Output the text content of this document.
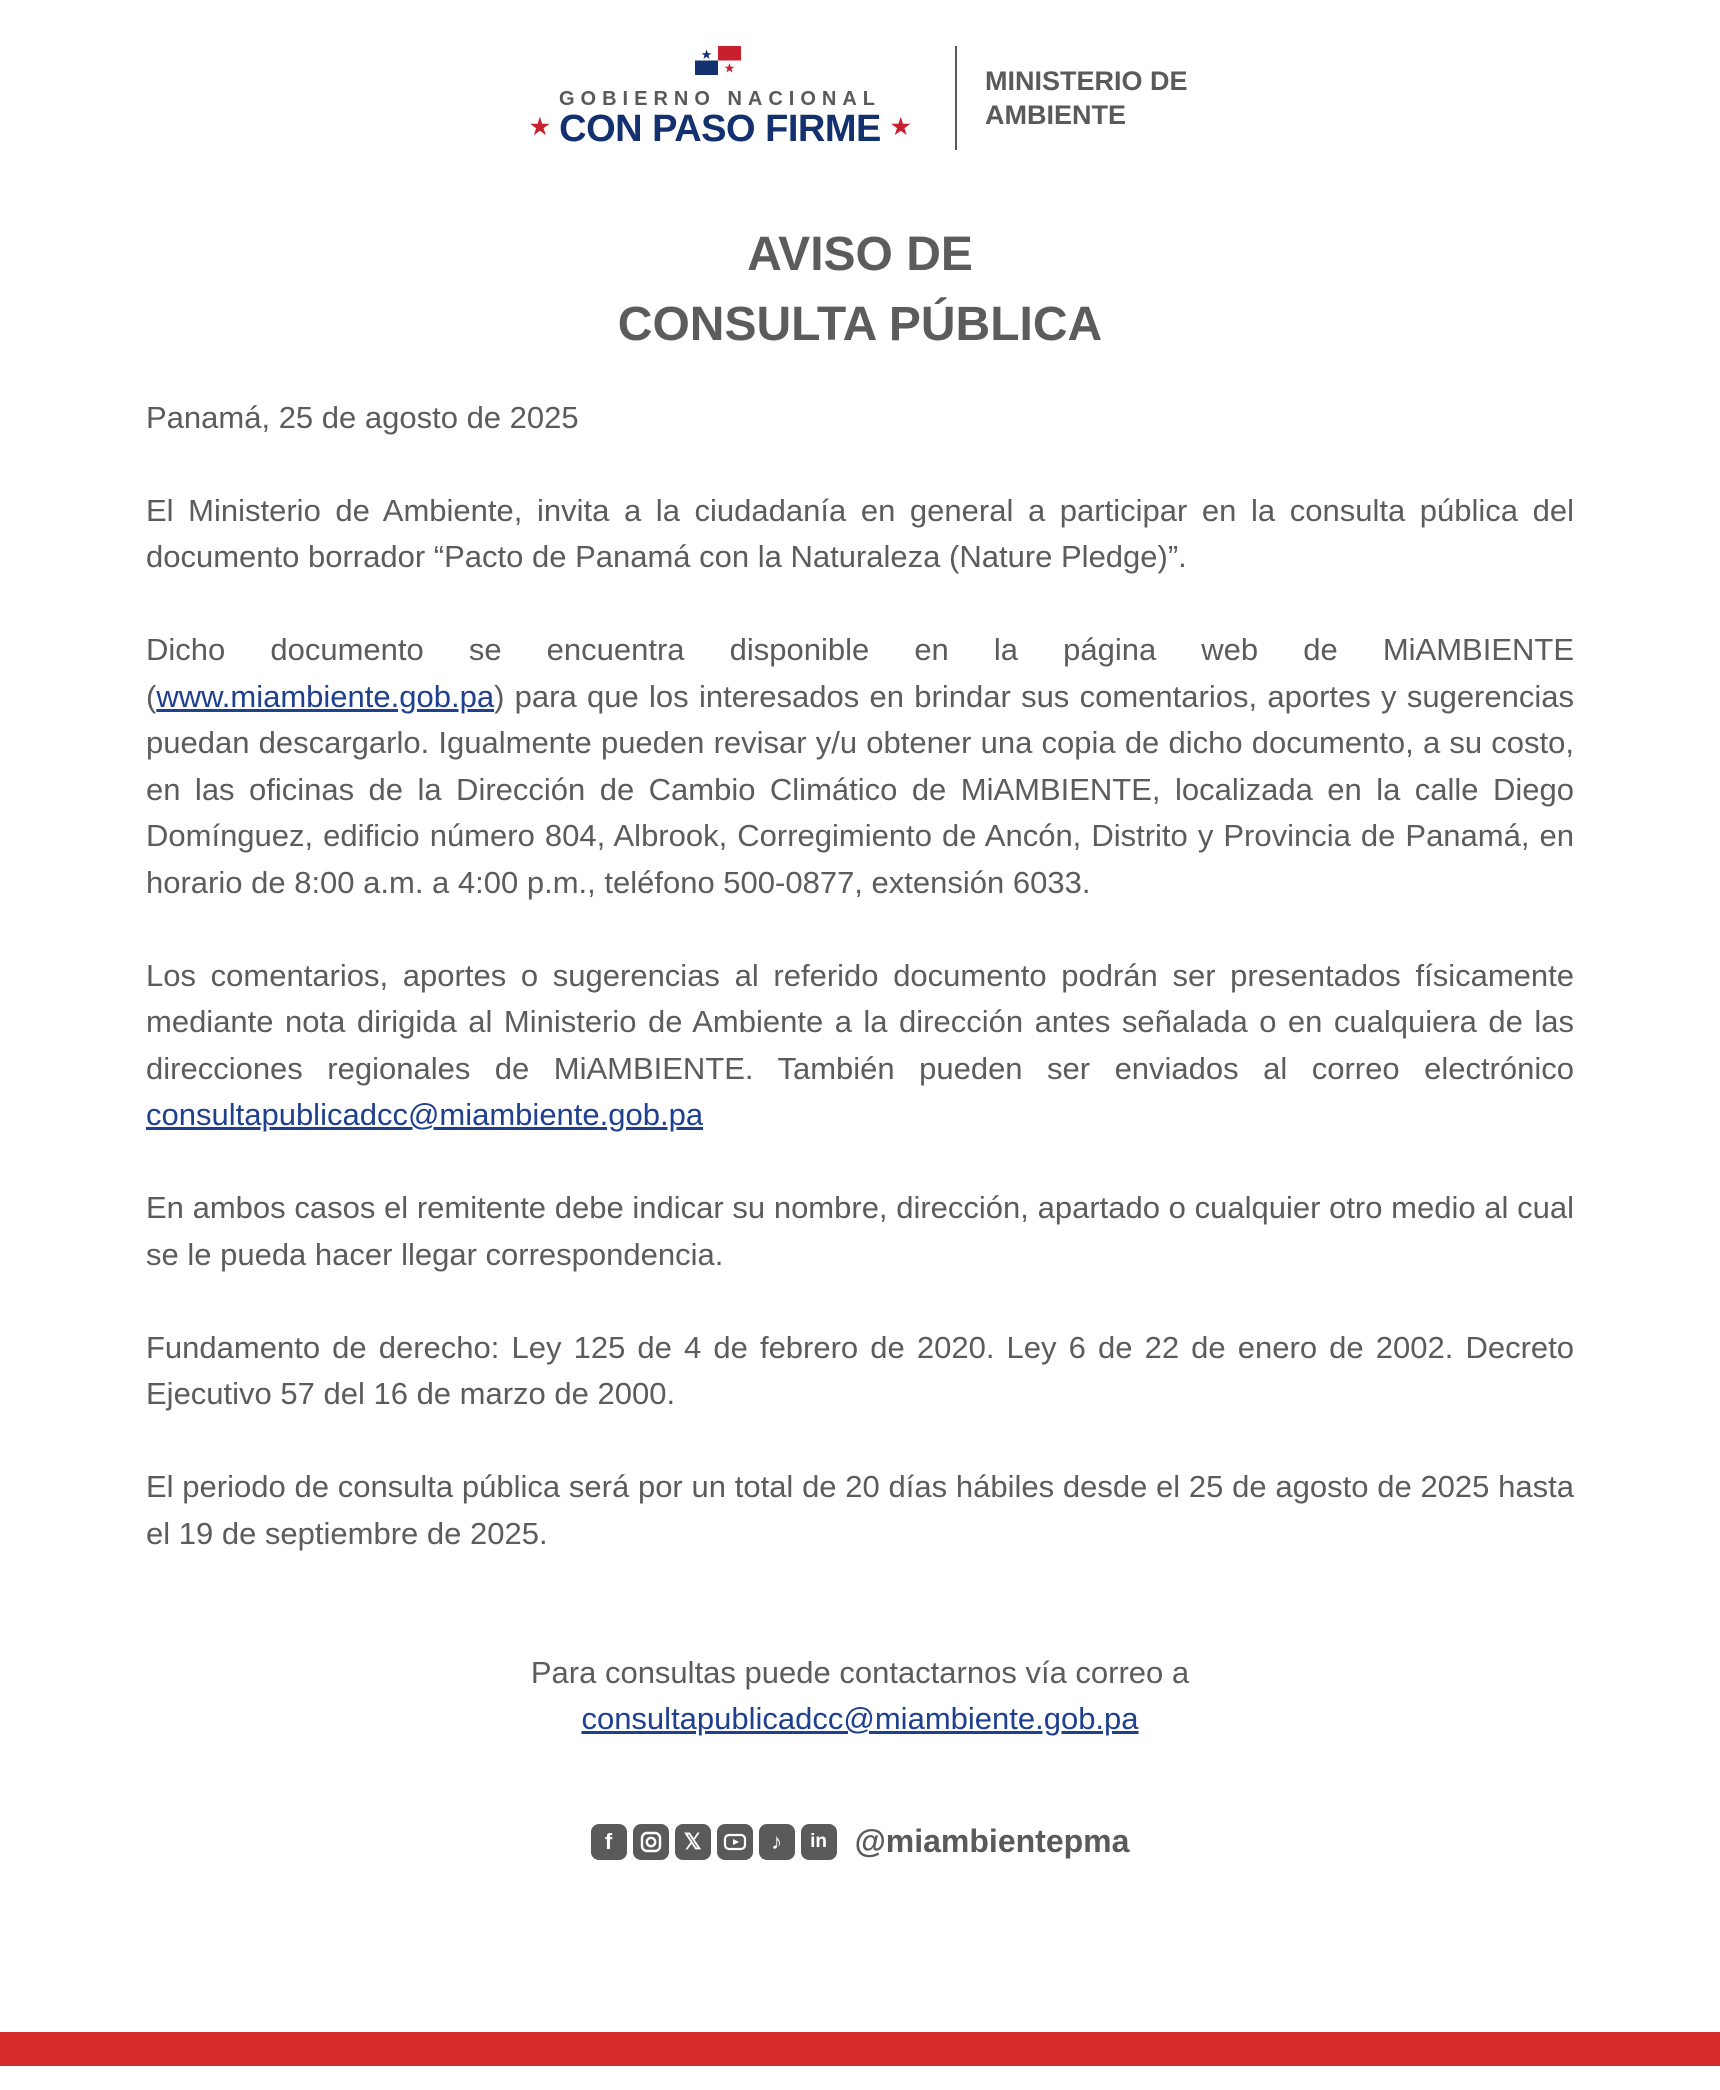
GOBIERNO NACIONAL
★ CON PASO FIRME ★
MINISTERIO DE
AMBIENTE
AVISO DE
CONSULTA PÚBLICA

Panamá, 25 de agosto de 2025

El Ministerio de Ambiente, invita a la ciudadanía en general a participar en la consulta pública del documento borrador “Pacto de Panamá con la Naturaleza (Nature Pledge)”.

Dicho documento se encuentra disponible en la página web de MiAMBIENTE (www.miambiente.gob.pa) para que los interesados en brindar sus comentarios, aportes y sugerencias puedan descargarlo. Igualmente pueden revisar y/u obtener una copia de dicho documento, a su costo, en las oficinas de la Dirección de Cambio Climático de MiAMBIENTE, localizada en la calle Diego Domínguez, edificio número 804, Albrook, Corregimiento de Ancón, Distrito y Provincia de Panamá, en horario de 8:00 a.m. a 4:00 p.m., teléfono 500-0877, extensión 6033.

Los comentarios, aportes o sugerencias al referido documento podrán ser presentados físicamente mediante nota dirigida al Ministerio de Ambiente a la dirección antes señalada o en cualquiera de las direcciones regionales de MiAMBIENTE. También pueden ser enviados al correo electrónico consultapublicadcc@miambiente.gob.pa

En ambos casos el remitente debe indicar su nombre, dirección, apartado o cualquier otro medio al cual se le pueda hacer llegar correspondencia.

Fundamento de derecho: Ley 125 de 4 de febrero de 2020. Ley 6 de 22 de enero de 2002. Decreto Ejecutivo 57 del 16 de marzo de 2000.

El periodo de consulta pública será por un total de 20 días hábiles desde el 25 de agosto de 2025 hasta el 19 de septiembre de 2025.

Para consultas puede contactarnos vía correo a
consultapublicadcc@miambiente.gob.pa
f	𝕏	♪	in @miambientepma
